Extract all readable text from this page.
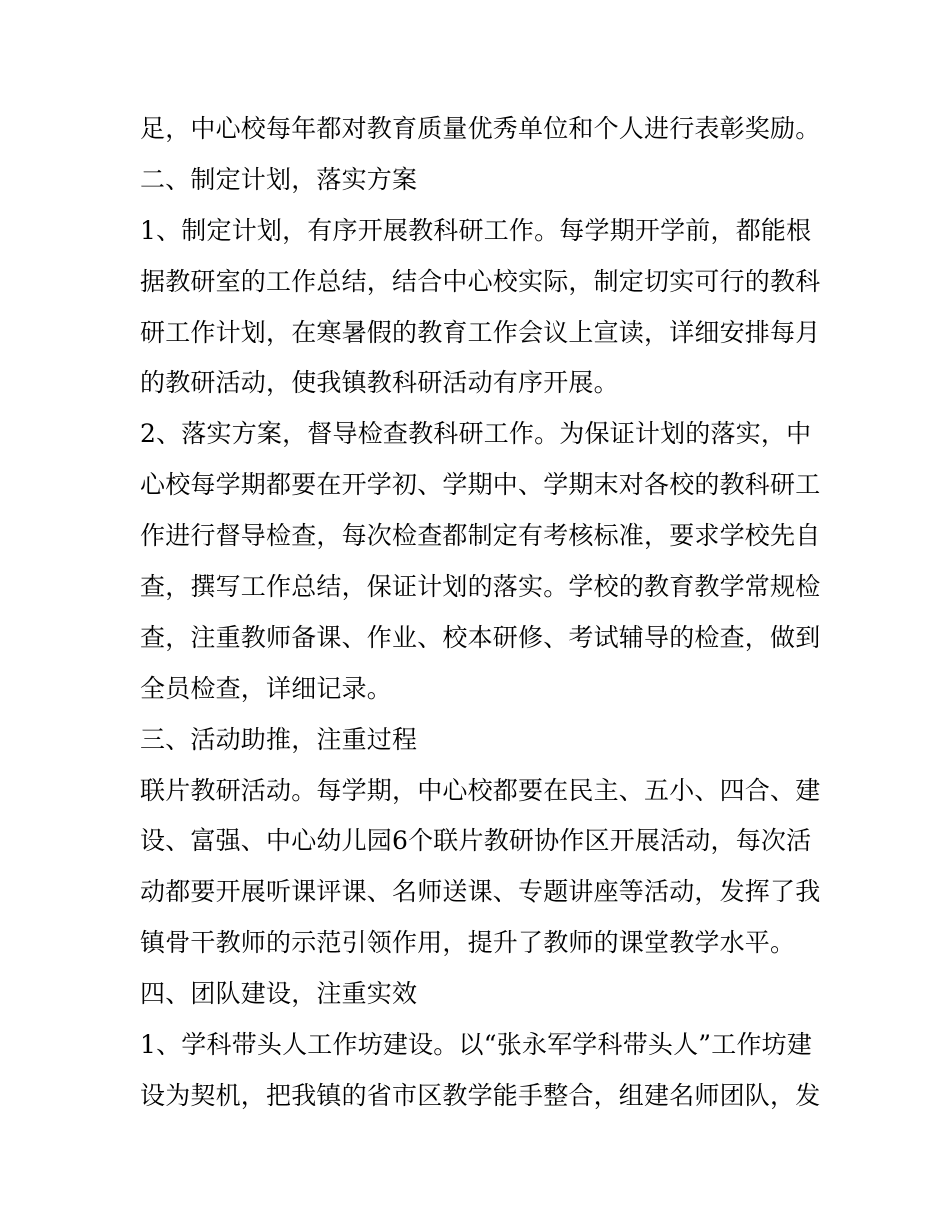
足，中心校每年都对教育质量优秀单位和个人进行表彰奖励。
二、制定计划，落实方案
1、制定计划，有序开展教科研工作。每学期开学前，都能根
据教研室的工作总结，结合中心校实际，制定切实可行的教科
研工作计划，在寒暑假的教育工作会议上宣读，详细安排每月
的教研活动，使我镇教科研活动有序开展。
2、落实方案，督导检查教科研工作。为保证计划的落实，中
心校每学期都要在开学初、学期中、学期末对各校的教科研工
作进行督导检查，每次检查都制定有考核标准，要求学校先自
查，撰写工作总结，保证计划的落实。学校的教育教学常规检
查，注重教师备课、作业、校本研修、考试辅导的检查，做到
全员检查，详细记录。
三、活动助推，注重过程
联片教研活动。每学期，中心校都要在民主、五小、四合、建
设、富强、中心幼儿园6个联片教研协作区开展活动，每次活
动都要开展听课评课、名师送课、专题讲座等活动，发挥了我
镇骨干教师的示范引领作用，提升了教师的课堂教学水平。
四、团队建设，注重实效
1、学科带头人工作坊建设。以“张永军学科带头人”工作坊建
设为契机，把我镇的省市区教学能手整合，组建名师团队，发
